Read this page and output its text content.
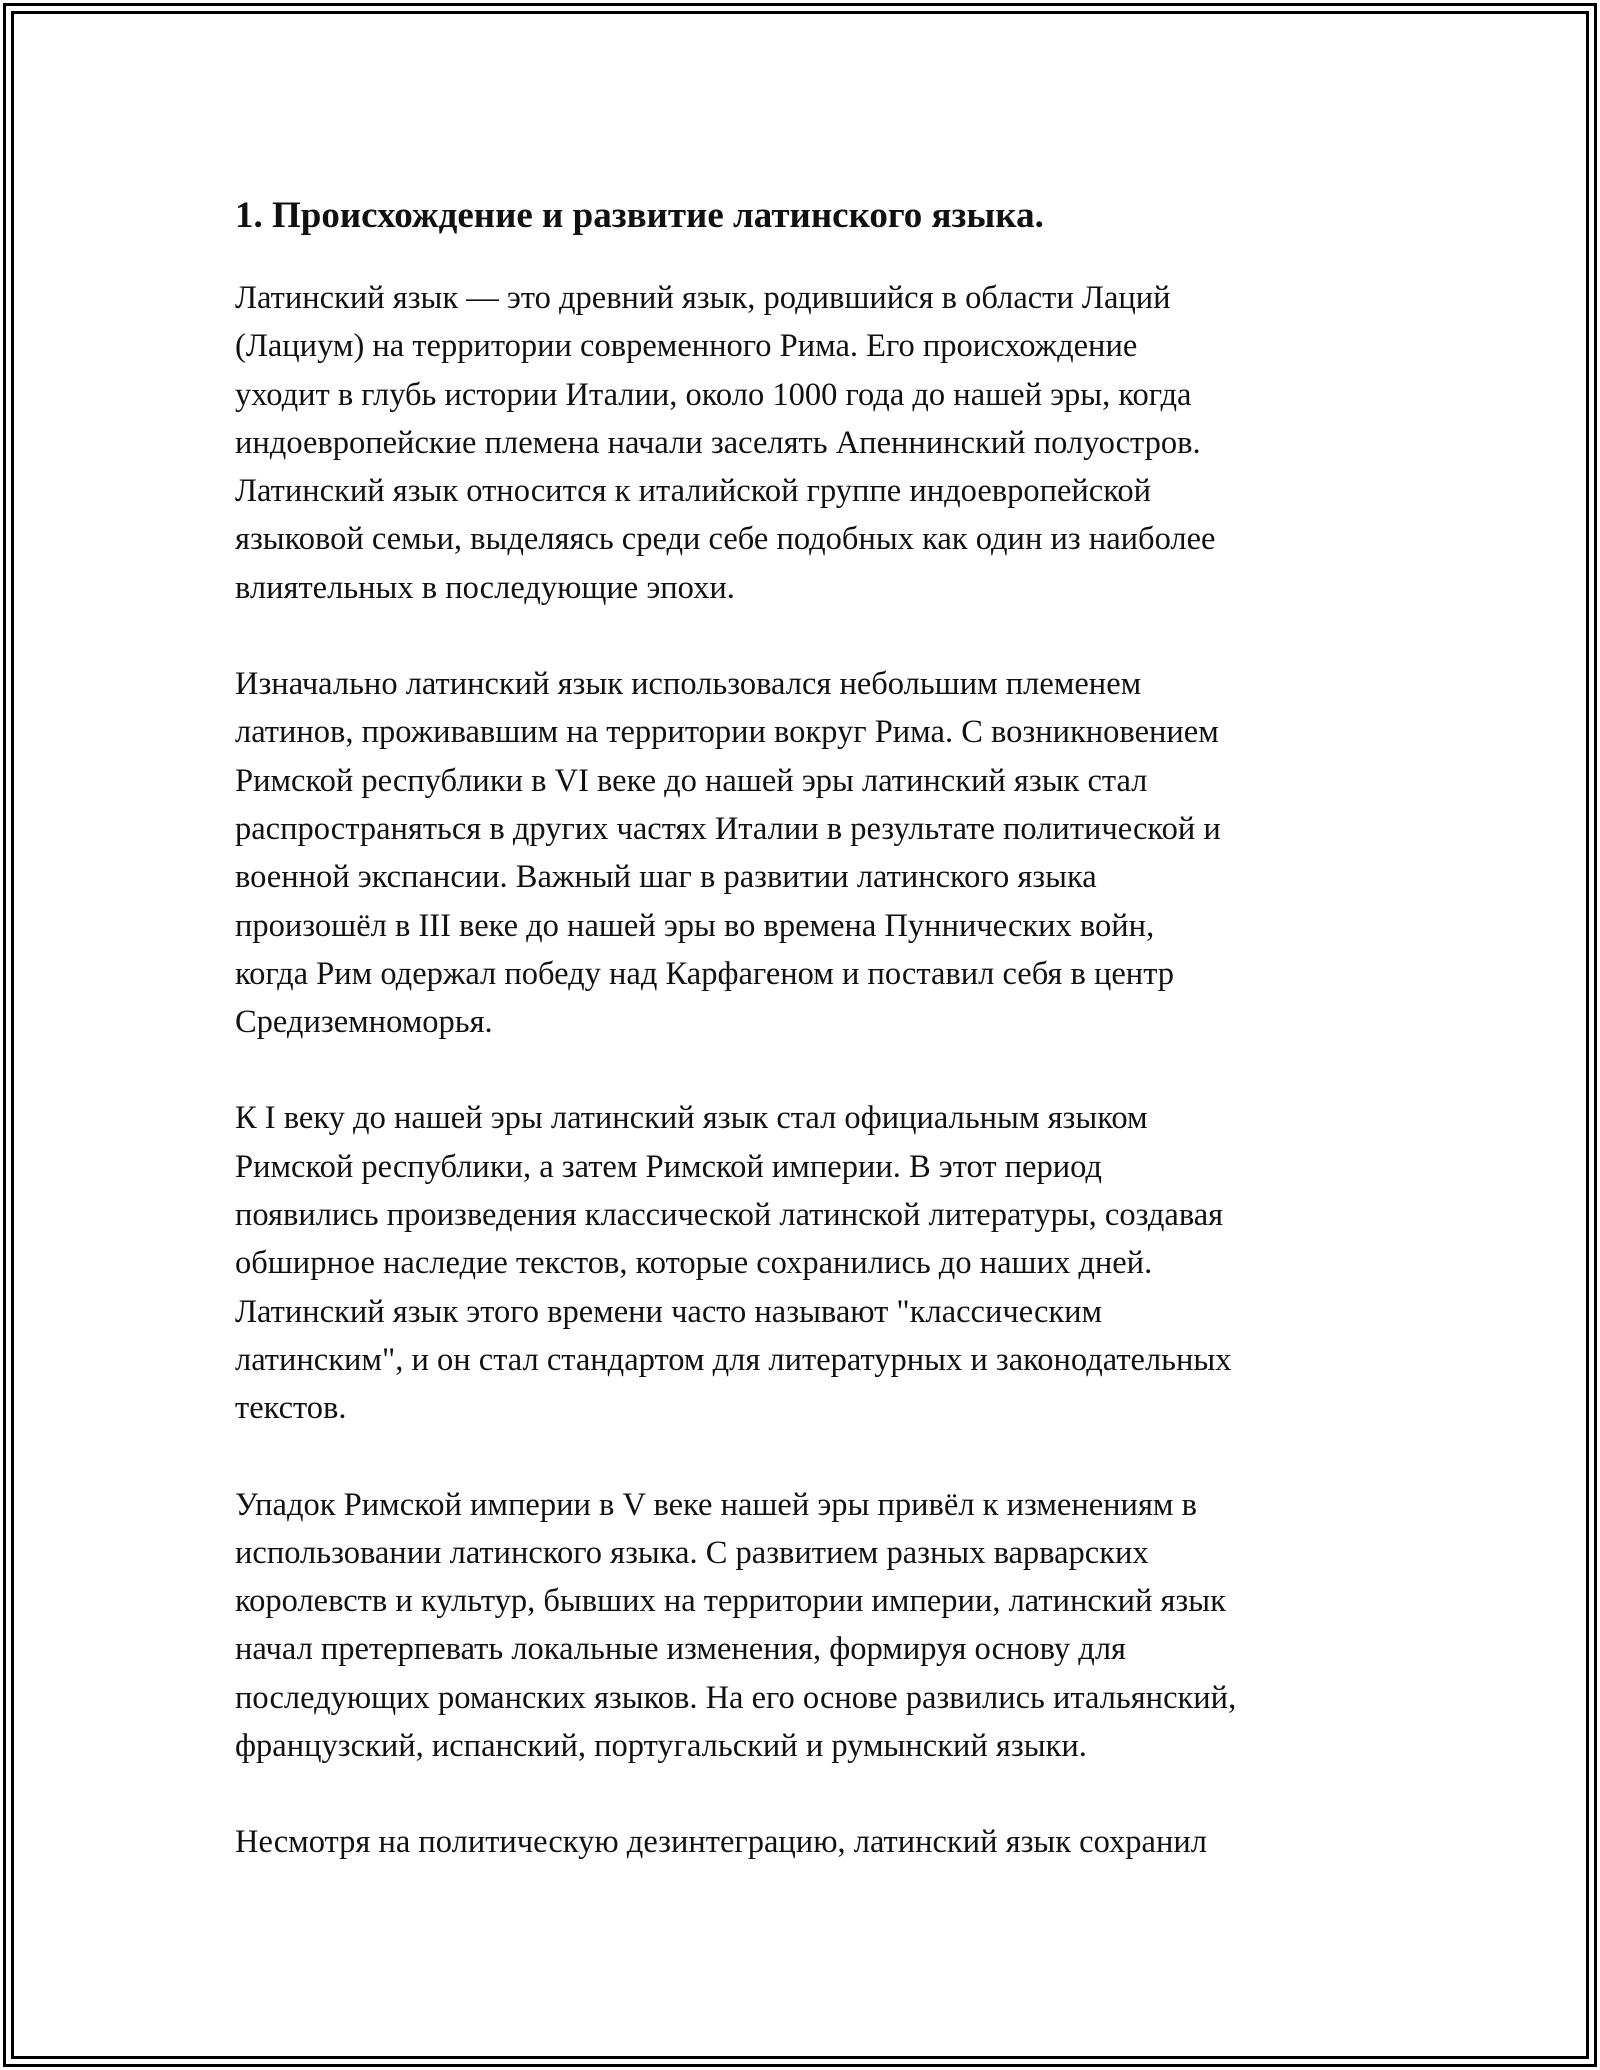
1. Происхождение и развитие латинского языка.

Латинский язык — это древний язык, родившийся в области Лаций
(Лациум) на территории современного Рима. Его происхождение
уходит в глубь истории Италии, около 1000 года до нашей эры, когда
индоевропейские племена начали заселять Апеннинский полуостров.
Латинский язык относится к италийской группе индоевропейской
языковой семьи, выделяясь среди себе подобных как один из наиболее
влиятельных в последующие эпохи.

Изначально латинский язык использовался небольшим племенем
латинов, проживавшим на территории вокруг Рима. С возникновением
Римской республики в VI веке до нашей эры латинский язык стал
распространяться в других частях Италии в результате политической и
военной экспансии. Важный шаг в развитии латинского языка
произошёл в III веке до нашей эры во времена Пуннических войн,
когда Рим одержал победу над Карфагеном и поставил себя в центр
Средиземноморья.

К I веку до нашей эры латинский язык стал официальным языком
Римской республики, а затем Римской империи. В этот период
появились произведения классической латинской литературы, создавая
обширное наследие текстов, которые сохранились до наших дней.
Латинский язык этого времени часто называют "классическим
латинским", и он стал стандартом для литературных и законодательных
текстов.

Упадок Римской империи в V веке нашей эры привёл к изменениям в
использовании латинского языка. С развитием разных варварских
королевств и культур, бывших на территории империи, латинский язык
начал претерпевать локальные изменения, формируя основу для
последующих романских языков. На его основе развились итальянский,
французский, испанский, португальский и румынский языки.

Несмотря на политическую дезинтеграцию, латинский язык сохранил
